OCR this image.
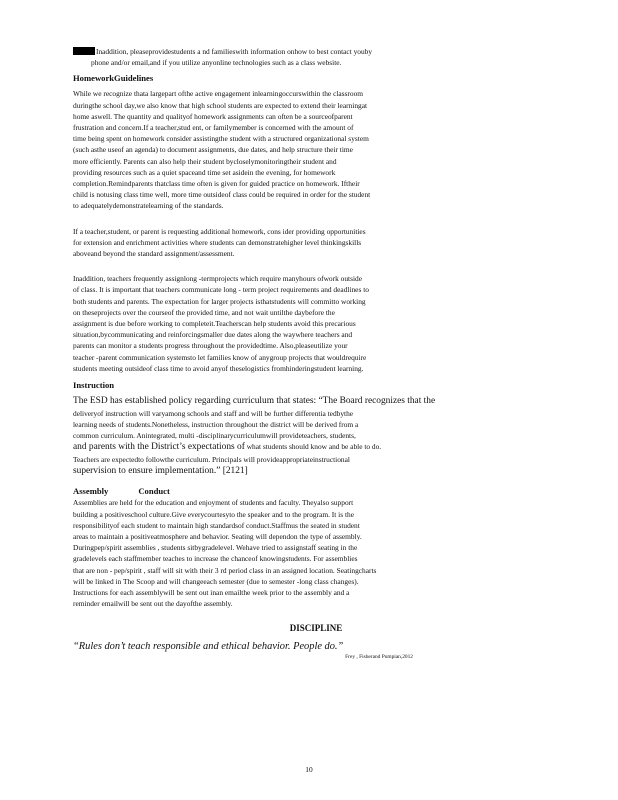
Inaddition, pleaseprovidestudents a nd familieswith information onhow to best contact youby
phone and/or email,and if you utilize anyonline technologies such as a class website.

HomeworkGuidelines

While we recognize thata largepart ofthe active engagement inlearningoccurswithin the classroom
duringthe school day,we also know that high school students are expected to extend their learningat
home aswell. The quantity and qualityof homework assignments can often be a sourceofparent
frustration and concern.If a teacher,stud ent, or familymember is concerned with the amount of
time being spent on homework consider assistingthe student with a structured organizational system
(such asthe useof an agenda) to document assignments, due dates, and help structure their time
more efficiently. Parents can also help their student bycloselymonitoringtheir student and
providing resources such as a quiet spaceand time set asidein the evening, for homework
completion.Remindparents thatclass time often is given for guided practice on homework. Iftheir
child is notusing class time well, more time outsideof class could be required in order for the student
to adequatelydemonstratelearning of the standards.

If a teacher,student, or parent is requesting additional homework, cons ider providing opportunities
for extension and enrichment activities where students can demonstratehigher level thinkingskills
aboveand beyond the standard assignment/assessment.

Inaddition, teachers frequently assignlong -termprojects which require manyhours ofwork outside
of class. It is important that teachers communicate long - term project requirements and deadlines to
both students and parents. The expectation for larger projects isthatstudents will committo working
on theseprojects over the courseof the provided time, and not wait untilthe daybefore the
assignment is due before working to completeit.Teacherscan help students avoid this precarious
situation,bycommunicating and reinforcingsmaller due dates along the waywhere teachers and
parents can monitor a students progress throughout the providedtime. Also,pleaseutilize your
teacher -parent communication systemsto let families know of anygroup projects that wouldrequire
students meeting outsideof class time to avoid anyof theselogistics fromhinderingstudent learning.

Instruction

The ESD has established policy regarding curriculum that states: “The Board recognizes that the
deliveryof instruction will varyamong schools and staff and will be further differentia tedbythe
learning needs of students.Nonetheless, instruction throughout the district will be derived from a
common curriculum. Anintegrated, multi -disciplinarycurriculumwill provideteachers, students,
and parents with the District’s expectations of what students should know and be able to do.
Teachers are expectedto followthe curriculum. Principals will provideappropriateinstructional
supervision to ensure implementation.” [2121]

Assembly	Conduct

Assemblies are held for the education and enjoyment of students and faculty. Theyalso support
building a positiveschool culture.Give everycourtesyto the speaker and to the program. It is the
responsibilityof each student to maintain high standardsof conduct.Staffmus the seated in student
areas to maintain a positiveatmosphere and behavior. Seating will dependon the type of assembly.
Duringpep/spirit assemblies , students sitbygradelevel. Wehave tried to assignstaff seating in the
gradelevels each staffmember teaches to increase the chanceof knowingstudents. For assemblies
that are non - pep/spirit , staff will sit with their 3 rd period class in an assigned location. Seatingcharts
will be linked in The Scoop and will changeeach semester (due to semester -long class changes).
Instructions for each assemblywill be sent out inan emailthe week prior to the assembly and a
reminder emailwill be sent out the dayofthe assembly.

DISCIPLINE
“Rules don’t teach responsible and ethical behavior. People do.”
Frey , Fisherand Pumpian,2012
10
